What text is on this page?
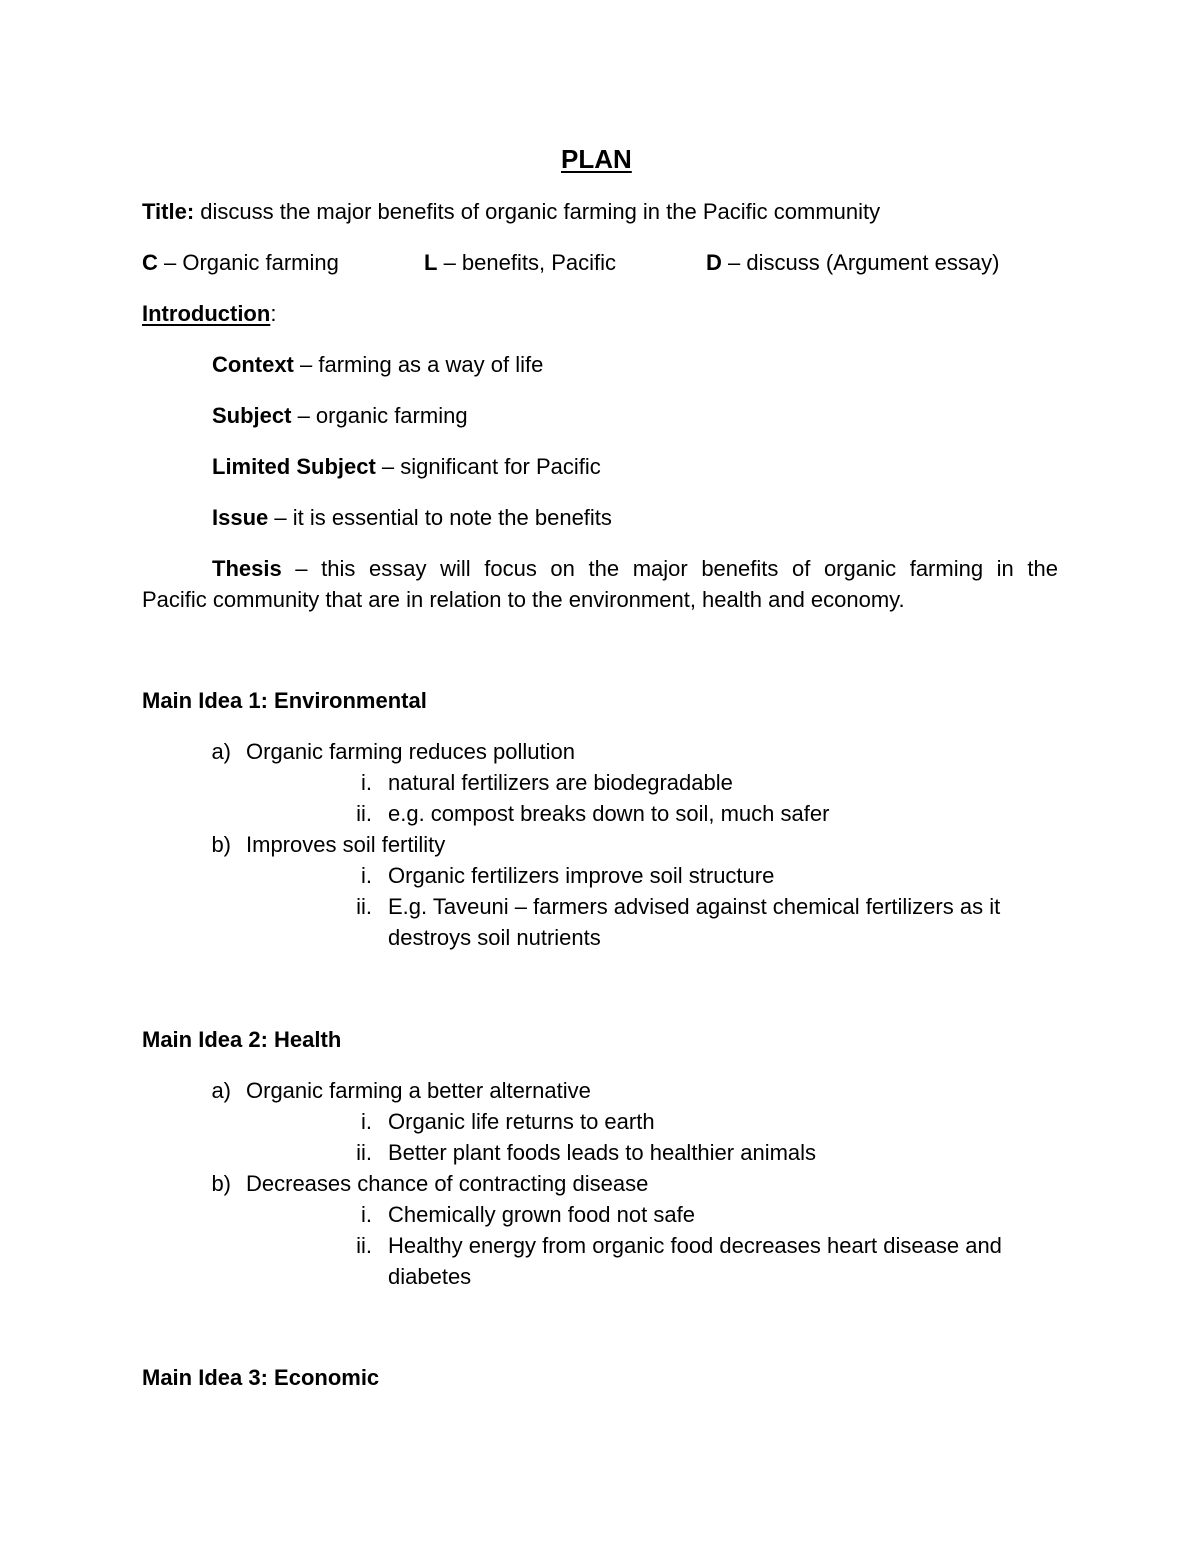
PLAN
Title: discuss the major benefits of organic farming in the Pacific community
C – Organic farming	L – benefits, Pacific	D – discuss (Argument essay)
Introduction:
Context – farming as a way of life
Subject – organic farming
Limited Subject – significant for Pacific
Issue – it is essential to note the benefits
Thesis – this essay will focus on the major benefits of organic farming in the
Pacific community that are in relation to the environment, health and economy.
Main Idea 1: Environmental
a) Organic farming reduces pollution
i. natural fertilizers are biodegradable
ii. e.g. compost breaks down to soil, much safer
b) Improves soil fertility
i. Organic fertilizers improve soil structure
ii. E.g. Taveuni – farmers advised against chemical fertilizers as it
destroys soil nutrients
Main Idea 2: Health
a) Organic farming a better alternative
i. Organic life returns to earth
ii. Better plant foods leads to healthier animals
b) Decreases chance of contracting disease
i. Chemically grown food not safe
ii. Healthy energy from organic food decreases heart disease and
diabetes
Main Idea 3: Economic
